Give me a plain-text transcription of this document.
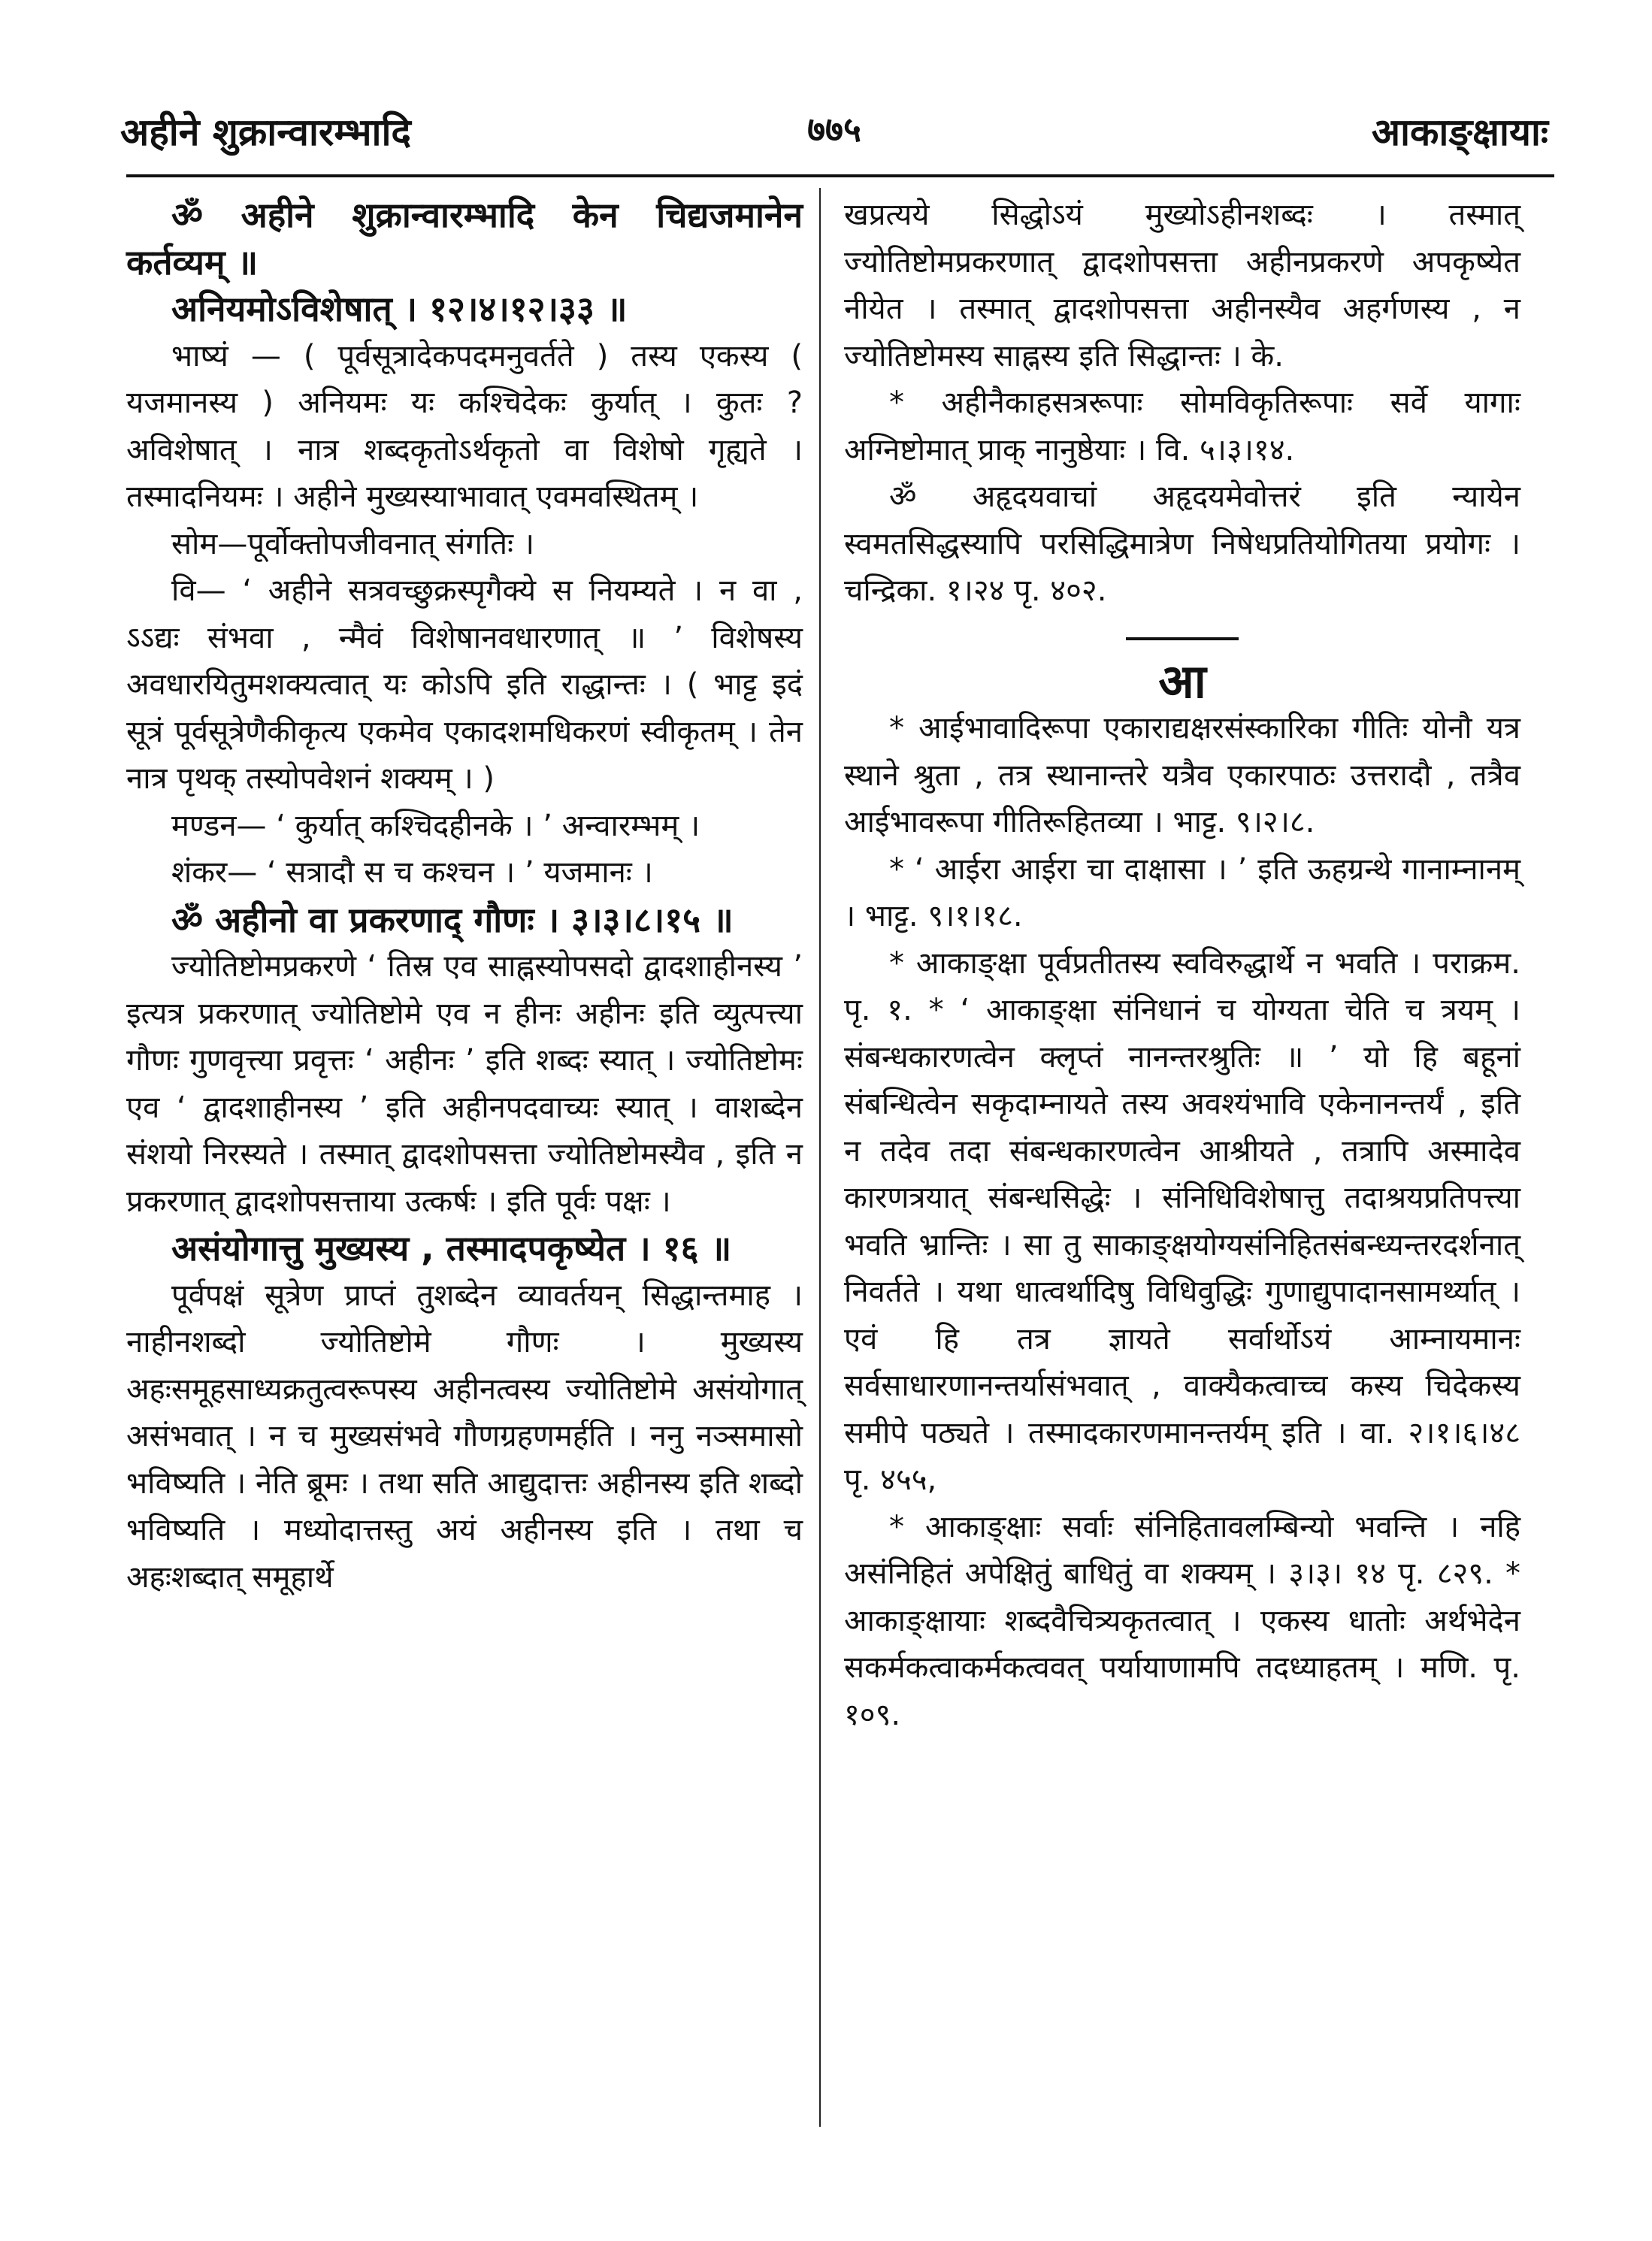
अहीने शुक्रान्वारम्भादि	७७५	आकाङ्क्षायाः

ॐ अहीने शुक्रान्वारम्भादि केन चिद्यजमानेन कर्तव्यम् ॥

अनियमोऽविशेषात् । १२।४।१२।३३ ॥

भाष्यं — ( पूर्वसूत्रादेकपदमनुवर्तते ) तस्य एकस्य ( यजमानस्य ) अनियमः यः कश्चिदेकः कुर्यात् । कुतः ? अविशेषात् । नात्र शब्दकृतोऽर्थकृतो वा विशेषो गृह्यते । तस्मादनियमः । अहीने मुख्यस्याभावात् एवमवस्थितम् ।

सोम—पूर्वोक्तोपजीवनात् संगतिः ।

वि— ‘ अहीने सत्रवच्छुक्रस्पृगैक्ये स नियम्यते । न वा , ऽऽद्यः संभवा , न्मैवं विशेषानवधारणात् ॥ ’ विशेषस्य अवधारयितुमशक्यत्वात् यः कोऽपि इति राद्धान्तः । ( भाट्ट इदं सूत्रं पूर्वसूत्रेणैकीकृत्य एकमेव एकादशमधिकरणं स्वीकृतम् । तेन नात्र पृथक् तस्योपवेशनं शक्यम् । )

मण्डन— ‘ कुर्यात् कश्चिदहीनके । ’ अन्वारम्भम् ।

शंकर— ‘ सत्रादौ स च कश्चन । ’ यजमानः ।

ॐ अहीनो वा प्रकरणाद् गौणः । ३।३।८।१५ ॥

ज्योतिष्टोमप्रकरणे ‘ तिस्र एव साह्नस्योपसदो द्वादशाहीनस्य ’ इत्यत्र प्रकरणात् ज्योतिष्टोमे एव न हीनः अहीनः इति व्युत्पत्त्या गौणः गुणवृत्त्या प्रवृत्तः ‘ अहीनः ’ इति शब्दः स्यात् । ज्योतिष्टोमः एव ‘ द्वादशाहीनस्य ’ इति अहीनपदवाच्यः स्यात् । वाशब्देन संशयो निरस्यते । तस्मात् द्वादशोपसत्ता ज्योतिष्टोमस्यैव , इति न प्रकरणात् द्वादशोपसत्ताया उत्कर्षः । इति पूर्वः पक्षः ।

असंयोगात्तु मुख्यस्य , तस्मादपकृष्येत । १६ ॥

पूर्वपक्षं सूत्रेण प्राप्तं तुशब्देन व्यावर्तयन् सिद्धान्तमाह । नाहीनशब्दो ज्योतिष्टोमे गौणः । मुख्यस्य अहःसमूहसाध्यक्रतुत्वरूपस्य अहीनत्वस्य ज्योतिष्टोमे असंयोगात् असंभवात् । न च मुख्यसंभवे गौणग्रहणमर्हति । ननु नञ्समासो भविष्यति । नेति ब्रूमः । तथा सति आद्युदात्तः अहीनस्य इति शब्दो भविष्यति । मध्योदात्तस्तु अयं अहीनस्य इति । तथा च अहःशब्दात् समूहार्थे

खप्रत्यये सिद्धोऽयं मुख्योऽहीनशब्दः । तस्मात् ज्योतिष्टोमप्रकरणात् द्वादशोपसत्ता अहीनप्रकरणे अपकृष्येत नीयेत । तस्मात् द्वादशोपसत्ता अहीनस्यैव अहर्गणस्य , न ज्योतिष्टोमस्य साह्नस्य इति सिद्धान्तः । के.

* अहीनैकाहसत्ररूपाः सोमविकृतिरूपाः सर्वे यागाः अग्निष्टोमात् प्राक् नानुष्ठेयाः । वि. ५।३।१४.

ॐ अहृदयवाचां अहृदयमेवोत्तरं इति न्यायेन स्वमतसिद्धस्यापि परसिद्धिमात्रेण निषेधप्रतियोगितया प्रयोगः । चन्द्रिका. १।२४ पृ. ४०२.

आ

* आईभावादिरूपा एकाराद्यक्षरसंस्कारिका गीतिः योनौ यत्र स्थाने श्रुता , तत्र स्थानान्तरे यत्रैव एकारपाठः उत्तरादौ , तत्रैव आईभावरूपा गीतिरूहितव्या । भाट्ट. ९।२।८.

* ‘ आईरा आईरा चा दाक्षासा । ’ इति ऊहग्रन्थे गानाम्नानम् । भाट्ट. ९।१।१८.

* आकाङ्क्षा पूर्वप्रतीतस्य स्वविरुद्धार्थे न भवति । पराक्रम. पृ. १. * ‘ आकाङ्क्षा संनिधानं च योग्यता चेति च त्रयम् । संबन्धकारणत्वेन क्लृप्तं नानन्तरश्रुतिः ॥ ’ यो हि बहूनां संबन्धित्वेन सकृदाम्नायते तस्य अवश्यंभावि एकेनानन्तर्यं , इति न तदेव तदा संबन्धकारणत्वेन आश्रीयते , तत्रापि अस्मादेव कारणत्रयात् संबन्धसिद्धेः । संनिधिविशेषात्तु तदाश्रयप्रतिपत्त्या भवति भ्रान्तिः । सा तु साकाङ्क्षयोग्यसंनिहितसंबन्ध्यन्तरदर्शनात् निवर्तते । यथा धात्वर्थादिषु विधिवुद्धिः गुणाद्युपादानसामर्थ्यात् । एवं हि तत्र ज्ञायते सर्वार्थोऽयं आम्नायमानः सर्वसाधारणानन्तर्यासंभवात् , वाक्यैकत्वाच्च कस्य चिदेकस्य समीपे पठ्यते । तस्मादकारणमानन्तर्यम् इति । वा. २।१।६।४८ पृ. ४५५,

* आकाङ्क्षाः सर्वाः संनिहितावलम्बिन्यो भवन्ति । नहि असंनिहितं अपेक्षितुं बाधितुं वा शक्यम् । ३।३। १४ पृ. ८२९. * आकाङ्क्षायाः शब्दवैचित्र्यकृतत्वात् । एकस्य धातोः अर्थभेदेन सकर्मकत्वाकर्मकत्ववत् पर्यायाणामपि तदध्याहतम् । मणि. पृ. १०९.
